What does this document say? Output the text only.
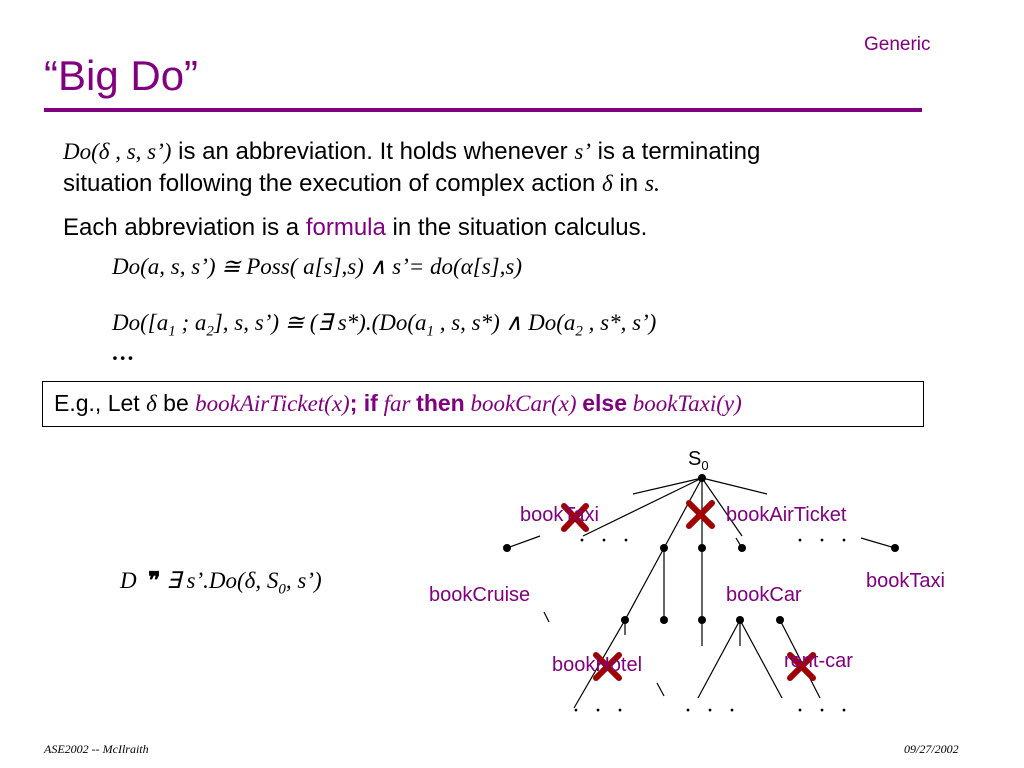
Generic
“Big Do”
Do(δ , s, s’) is an abbreviation. It holds whenever s’ is a terminating
situation following the execution of complex action δ in s.
Each abbreviation is a formula in the situation calculus.
Do(a, s, s’) ≅ Poss( a[s],s) ∧ s’= do(α[s],s)
$Do([a_1$ ; $a_2$], s, s’) ≅ (∃ $s*).(Do(a_1$ , s, s*) ∧ $Do(a_2$ , s*, s’)
…
E.g., Let δ be bookAirTicket(x); if far then bookCar(x) else bookTaxi(y)
D ❞ ∃ s’.Do(δ, $S_0$, s’)
$S_0$
bookTaxi	bookAirTicket
bookTaxi
bookCruise	bookCar
bookHotel	rent-car
· · ·	· · ·
· · · · · · · · ·
ASE2002 -- McIlraith	09/27/2002
